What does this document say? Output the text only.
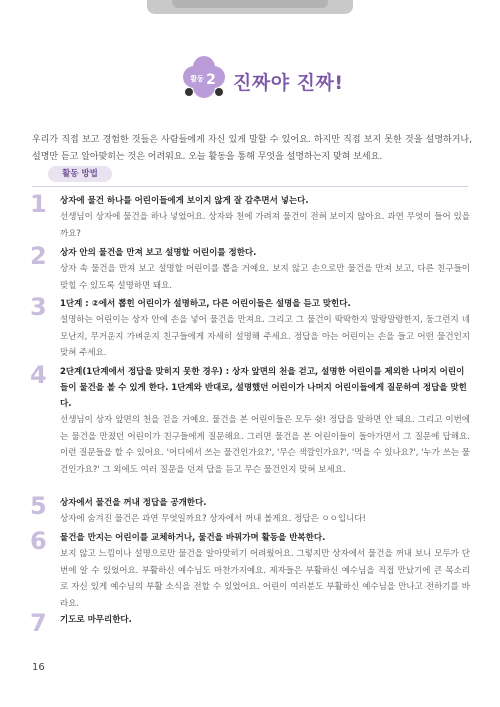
활동 2 진짜야 진짜!
우리가 직접 보고 경험한 것들은 사람들에게 자신 있게 말할 수 있어요. 하지만 직접 보지 못한 것을 설명하거나, 설명만 듣고 알아맞히는 것은 어려워요. 오늘 활동을 통해 무엇을 설명하는지 맞혀 보세요.
활동 방법
1 상자에 물건 하나를 어린이들에게 보이지 않게 잘 감추면서 넣는다.
선생님이 상자에 물건을 하나 넣었어요. 상자와 천에 가려져 물건이 전혀 보이지 않아요. 과연 무엇이 들어 있을까요?
2 상자 안의 물건을 만져 보고 설명할 어린이를 정한다.
상자 속 물건을 만져 보고 설명할 어린이를 뽑을 거예요. 보지 않고 손으로만 물건을 만져 보고, 다른 친구들이 맞힐 수 있도록 설명하면 돼요.
3 1단계 : ②에서 뽑힌 어린이가 설명하고, 다른 어린이들은 설명을 듣고 맞힌다.
설명하는 어린이는 상자 안에 손을 넣어 물건을 만져요. 그리고 그 물건이 딱딱한지 말랑말랑한지, 둥그런지 네모난지, 무거운지 가벼운지 친구들에게 자세히 설명해 주세요. 정답을 아는 어린이는 손을 들고 어떤 물건인지 맞혀 주세요.
4 2단계(1단계에서 정답을 맞히지 못한 경우) : 상자 앞면의 천을 걷고, 설명한 어린이를 제외한 나머지 어린이들이 물건을 볼 수 있게 한다. 1단계와 반대로, 설명했던 어린이가 나머지 어린이들에게 질문하여 정답을 맞힌다.
선생님이 상자 앞면의 천을 걷을 거예요. 물건을 본 어린이들은 모두 쉿! 정답을 말하면 안 돼요. 그리고 이번에는 물건을 만졌던 어린이가 친구들에게 질문해요. 그러면 물건을 본 어린이들이 돌아가면서 그 질문에 답해요. 이런 질문들을 할 수 있어요. '어디에서 쓰는 물건인가요?', '무슨 색깔인가요?', '먹을 수 있나요?', '누가 쓰는 물건인가요?' 그 외에도 여러 질문을 던져 답을 듣고 무슨 물건인지 맞혀 보세요.
5 상자에서 물건을 꺼내 정답을 공개한다.
상자에 숨겨진 물건은 과연 무엇일까요? 상자에서 꺼내 볼게요. 정답은 ㅇㅇ입니다!
6 물건을 만지는 어린이를 교체하거나, 물건을 바꿔가며 활동을 반복한다.
보지 않고 느낌이나 설명으로만 물건을 알아맞히기 어려웠어요. 그렇지만 상자에서 물건을 꺼내 보니 모두가 단번에 알 수 있었어요. 부활하신 예수님도 마찬가지예요. 제자들은 부활하신 예수님을 직접 만났기에 큰 목소리로 자신 있게 예수님의 부활 소식을 전할 수 있었어요. 어린이 여러분도 부활하신 예수님을 만나고 전하기를 바라요.
7 기도로 마무리한다.
16
